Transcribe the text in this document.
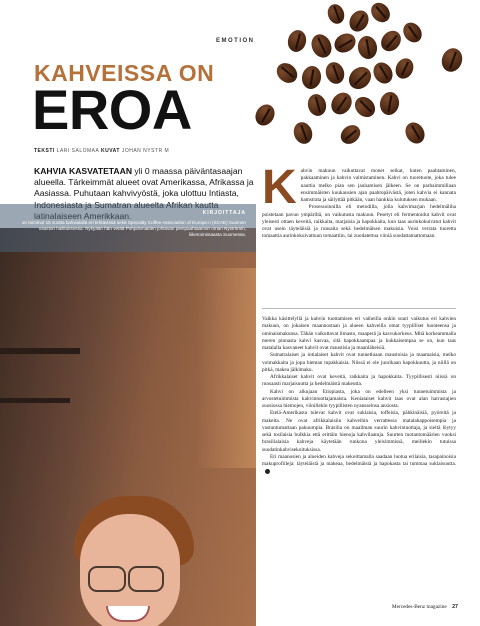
EMOTION
KAHVEISSA ON
EROA
TEKSTI LARI SALOMAA KUVAT JOHAN NYSTR M
KAHVIA KASVATETAAN yli 0 maassa päiväntasaajan alueella. Tärkeimmät alueet ovat Amerikassa, Afrikassa ja Aasiassa. Puhutaan kahvivyöstä, joka ulottuu Intiasta,
KIRJOITTAJA
on toiminut 15 vuotta kahvialalla eri tehtävissä sekä Specialty Coffee Association of Europe:n (SCAE) Suomen osaston hallituksessa. Nykyään hän vetää Pohjoismaiden johtavan pienpaahtaamon oman Nyströmin, liiketoimintaasta Suomessa.
K ahvin makuun vaikuttavat monet seikat, kuten paahtaminen, pakkaaminen ja kahvin valmistaminen. Kahvi on tuoretuote, joka tulee nauttia melko pian sen jauhamisen jälkeen. Se on parhaimmillaan ensimmäisten kuukausien ajan paahtopäivästä, joten kahvia ei kannata hamstrata ja säilyttää pitkään, vaan hankkia kulutuksen mukaan.

Prosessoinnilla eli metodilla, jolla kahvimarjan hedelmäliha poistetaan pavun ympäriltä, on vaikutusta makuun. Pesetyt eli fermentoidut kahvit ovat yleisesti ottaen keveitä, raikkaita, marjaisia ja hapokkaita, kun taas aurinkokuivatut kahvit ovat usein täyteläisiä ja runsaita sekä hedelmäisen makuisia. Voisi verrata tuoretta tomaattia aurinkokuivattuun tomaattiin, tai zuodatettua viiniä suodattamattomaan.

Vaikka käsittelyllä ja kahvin tuottamisen eri vaiheilla onkin suuri vaikutus eri kahvien makuun, on jokaisen maannostaan ja alueen kahveilla omat tyypilliset luonteensa ja ominaismakunsa. Tähän vaikuttavat ilmasto, maaperä ja kasvukorkeus. Mitä korkeammalla meren pinnasta kahvi kasvaa, sitä hapokkaampaa ja kukkaisempaa se on, kun taas matalalla kasvaneet kahvit ovat maustisia ja maanläheisiä.

Sumatralaiset ja intialaiset kahvit ovat tunnetluaan maustoisia ja maamaisia, melko voimakkaita ja jopa hieman tupakkaisia. Niissä ei ole juurikaan hapokkuutta, ja niillä on pitkä, makea jälkimaku.

Afrikkalaiset kahvit ovat keveitä, raikkaita ja hapokkaita. Tyypillisesti niissä on runsaasti marjaisuutta ja hedelmäistä makeutta.

Kahvi on alkujaan Etiopiasta, joka on edelleen yksi tunnetuimmista ja arvostetuimmista kahvintuottajamaista. Keniataiset kahvit taas ovat alan harrastajien suosiossa hiemojen, viinillekin tyypillisten nyansseinsa ansiosta.

Etelä-Amerikasta tulevat kahvit ovat suklaisia, toffeisia, pähkinäisiä, pyöreitä ja makeita. Ne ovat afrikkalaisiin kahveihin verrattessa matalahappoisempia ja vastuntumattaan pakuumpia. Brasilia on maailman suurin kahvintuottaja, ja sieltä löytyy sekä tosilaisia bulkkia että erittäin hienoja kahvilaatuja. Suurten tuotantomäärien vuoksi brasilialaisia kahveja käytetään runkona yleisimmissä, meillekin tutuissa suodatinkahvisekoituksissa.

Eri maanosien ja alueiden kahveja sekoittamalla saadaan luotua erilaisia, tasapainoisia makuprofiileja: täyteläistä ja makeaa, hedelmäistä ja hapokasta tai tummaa suklaisuutta.

Mercedes-Benz magazine 27
